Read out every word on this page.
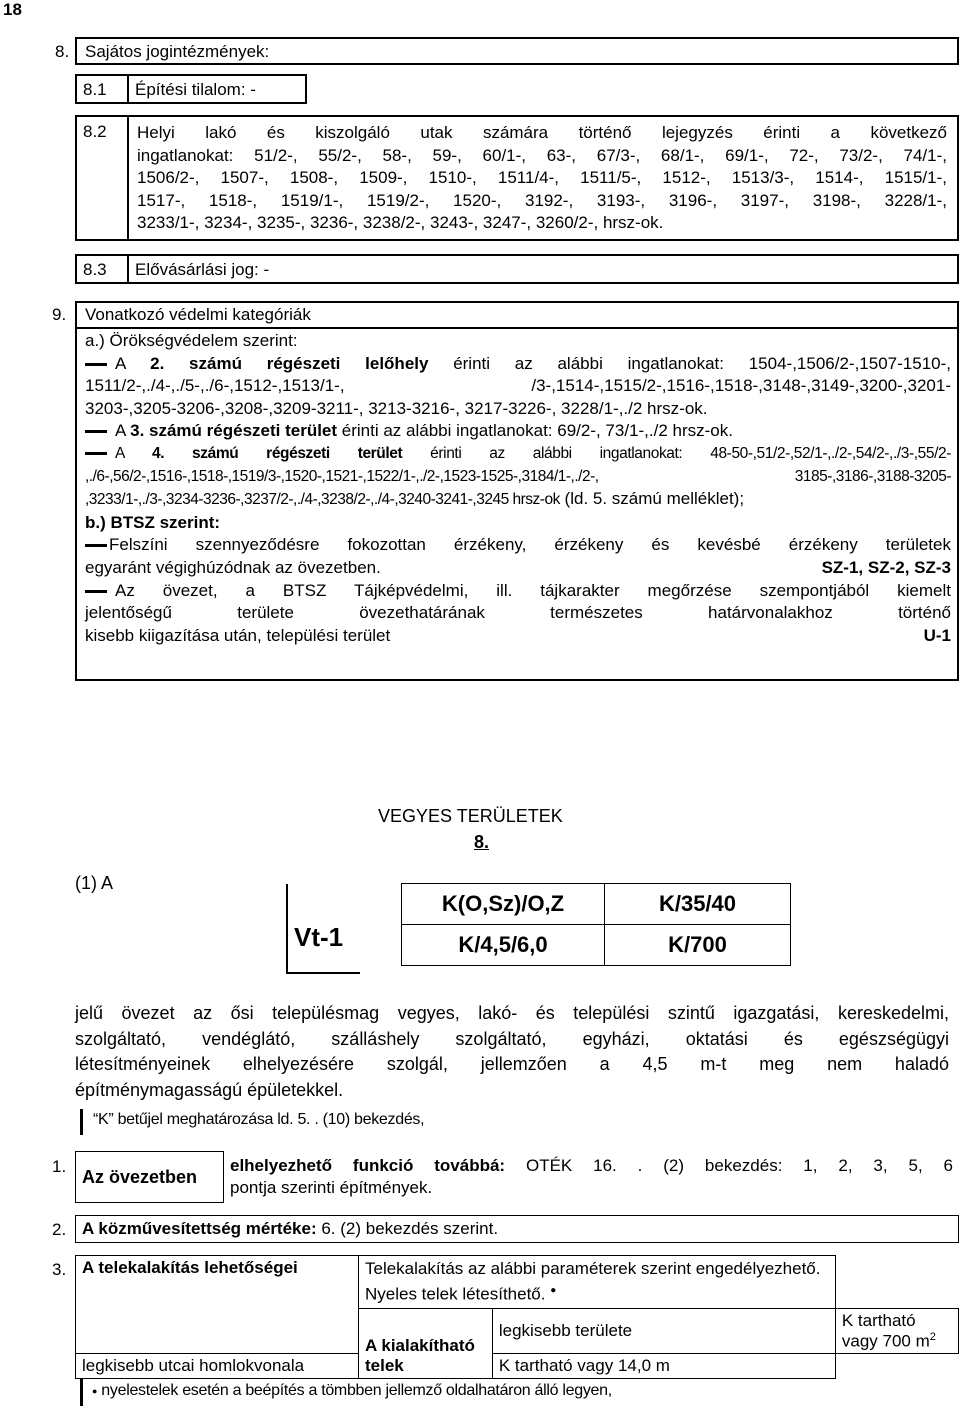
18
8. Sajátos jogintézmények:
8.1 Építési tilalom: -
8.2 Helyi lakó és kiszolgáló utak számára történő lejegyzés érinti a következő
ingatlanokat: 51/2-, 55/2-, 58-, 59-, 60/1-, 63-, 67/3-, 68/1-, 69/1-, 72-, 73/2-, 74/1-,
1506/2-, 1507-, 1508-, 1509-, 1510-, 1511/4-, 1511/5-, 1512-, 1513/3-, 1514-, 1515/1-,
1517-, 1518-, 1519/1-, 1519/2-, 1520-, 3192-, 3193-, 3196-, 3197-, 3198-, 3228/1-,
3233/1-, 3234-, 3235-, 3236-, 3238/2-, 3243-, 3247-, 3260/2-, hrsz-ok.
8.3 Elővásárlási jog: -
9. Vonatkozó védelmi kategóriák
a.) Örökségvédelem szerint:
A 2. számú régészeti lelőhely érinti az alábbi ingatlanokat: 1504-,1506/2-,1507-1510-,
1511/2-,./4-,./5-,./6-,1512-,1513/1-, /3-,1514-,1515/2-,1516-,1518-,3148-,3149-,3200-,3201-
3203-,3205-3206-,3208-,3209-3211-, 3213-3216-, 3217-3226-, 3228/1-,./2 hrsz-ok.
A 3. számú régészeti terület érinti az alábbi ingatlanokat: 69/2-, 73/1-,./2 hrsz-ok.
A 4. számú régészeti terület érinti az alábbi ingatlanokat: 48-50-,51/2-,52/1-,./2-,54/2-,./3-,55/2-
,./6-,56/2-,1516-,1518-,1519/3-,1520-,1521-,1522/1-,./2-,1523-1525-,3184/1-,./2-, 3185-,3186-,3188-3205-
,3233/1-,./3-,3234-3236-,3237/2-,./4-,3238/2-,./4-,3240-3241-,3245 hrsz-ok (ld. 5. számú melléklet);
b.) BTSZ szerint:
Felszíni szennyeződésre fokozottan érzékeny, érzékeny és kevésbé érzékeny területek
egyaránt végighúzódnak az övezetben.	SZ-1, SZ-2, SZ-3
Az övezet, a BTSZ Tájképvédelmi, ill. tájkarakter megőrzése szempontjából kiemelt
jelentőségű területe övezethatárának természetes határvonalakhoz történő
kisebb kiigazítása után, települési terület	U-1
VEGYES TERÜLETEK
8.
(1) A
Vt-1
K(O,Sz)/O,Z	K/35/40
K/4,5/6,0	K/700
jelű övezet az ősi településmag vegyes, lakó- és települési szintű igazgatási, kereskedelmi,
szolgáltató, vendéglátó, szálláshely szolgáltató, egyházi, oktatási és egészségügyi
létesítményeinek elhelyezésére szolgál, jellemzően a 4,5 m-t meg nem haladó
építménymagasságú épületekkel.
“K” betűjel meghatározása ld. 5. . (10) bekezdés,
1. Az övezetben	
elhelyezhető funkció továbbá: OTÉK 16. . (2) bekezdés: 1, 2, 3, 5, 6
pontja szerinti építmények.
2. A közművesítettség mértéke: 6. (2) bekezdés szerint.
3. A telekalakítás lehetőségei	Telekalakítás az alábbi paraméterek szerint engedélyezhető.
Nyeles telek létesíthető. ●

	A kialakítható telek	legkisebb területe	K tartható vagy 700 $m^2$
legkisebb utcai homlokvonala		K tartható vagy 14,0 m	
● nyelestelek esetén a beépítés a tömbben jellemző oldalhatáron álló legyen,
